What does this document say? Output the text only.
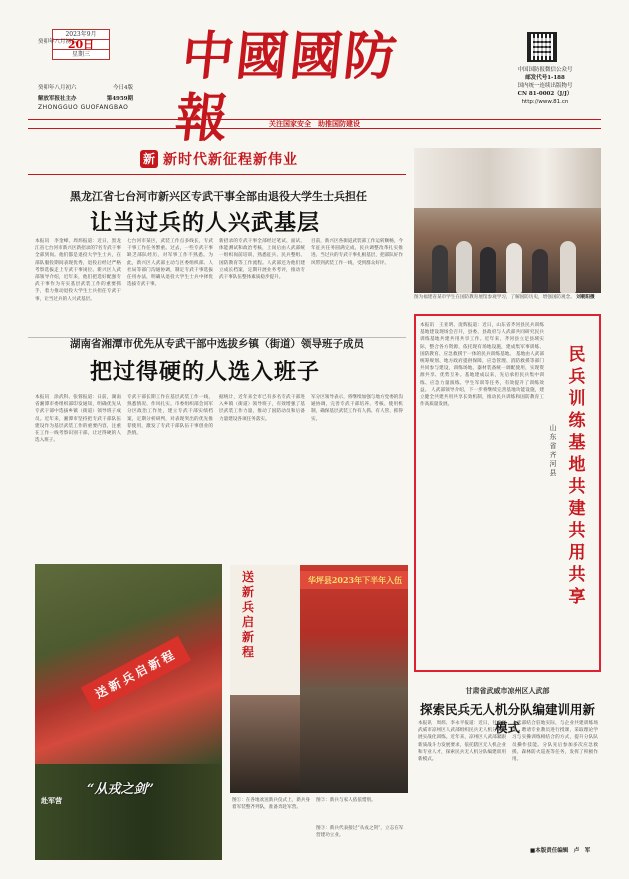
癸卯年八月初六
2023年9月
20日
星期三
癸卯年八月初六	今日4版
解放军报社主办	第4959期
ZHONGGUO GUOFANGBAO
中國國防報
中国国防报微信公众号
邮发代号1-188
国内统一连续出版物号
CN 81-0002（J/J）
http://www.81.cn
关注国家安全　助推国防建设
新 新时代新征程新伟业
黑龙江省七台河市新兴区专武干事全部由退役大学生士兵担任
让当过兵的人兴武基层
本报讯　李金峰、周炜报道：近日，黑龙江省七台河市新兴区新招录的7名专武干事全部到岗。他们都是退役大学生士兵，在部队服役期间表现优秀，退役后经过严格考察选拔走上专武干事岗位。新兴区人武部领导介绍，近年来，他们把选好配强专武干事作为夯实基层武装工作的重要抓手，着力推动退役大学生士兵担任专武干事，让当过兵的人兴武基层。
七台河市某区，武装工作点多线长，专武干事工作任务繁重。过去，一些专武干事缺乏部队经历，对军事工作不熟悉。为此，新兴区人武部主动与区委组织部、人社局等部门沟通协调，制定专武干事选拔任用办法，明确从退役大学生士兵中择优选拔专武干事。
新招录的专武干事全部经过笔试、面试、体能测试和政治考核，上岗后由人武部统一组织岗前培训，熟悉征兵、民兵整组、国防教育等工作流程。人武部还为他们建立成长档案，定期开展业务考评，推动专武干事队伍整体素质稳步提升。
目前，新兴区各街道武装部工作运转顺畅，今年征兵任务圆满完成，民兵调整改革扎实推进。当过兵的专武干事扎根基层，把部队好作风带到武装工作一线，受到群众好评。
湖南省湘潭市优先从专武干部中选拔乡镇（街道）领导班子成员
把过得硬的人选入班子
本报讯　涂武科、张蓉报道：日前，湖南省湘潭市委组织部印发通知，明确优先从专武干部中选拔乡镇（街道）领导班子成员。近年来，湘潭市坚持把专武干部队伍建设作为基层武装工作的重要内容，注重在工作一线考察识别干部，让过得硬的人选入班子。
专武干部长期工作在基层武装工作一线，熟悉情况、作风扎实。市委组织部会同军分区政治工作处，建立专武干部实绩档案，定期分析研判，对表现突出的优先推荐使用，激发了专武干部队伍干事创业的热情。
据统计，近年来全市已有多名专武干部进入乡镇（街道）领导班子，有效增强了基层武装工作力量，推动了国防动员和后备力量建设各项任务落实。
军分区领导表示，将继续加强与地方党委的沟通协调，完善专武干部培养、考核、使用机制，确保基层武装工作有人抓、有人管、抓得实。
图为福建省某市学生在国防教育展馆参观学习，了解国防历史，增强国防观念。 刘朝阳摄
本报讯　王亚明、庞辉报道：近日，山东省齐河县民兵训练基地建设现场会召开，县委、县政府与人武部共同研究民兵训练基地共建共用共享工作。近年来，齐河县立足县域实际，整合各方资源，依托现有场地设施，建成集军事训练、国防教育、应急救援于一体的民兵训练基地。 基地由人武部统筹规划、地方政府提供保障，应急管理、消防救援等部门共同参与建设，训练场地、器材装备统一调配使用，实现资源共享、优势互补。基地建成以来，先后承担民兵集中训练、应急力量演练、学生军训等任务，有效提升了训练效益。 人武部领导介绍，下一步将继续完善基地功能设施，建立健全共建共用共享长效机制，推动民兵训练和国防教育工作高质量发展。
民兵训练基地共建共用共享
山东省齐河县
送新兵启新程
赴军营
“从戎之剑”
送新兵启新程
华坪县2023年下半年入伍
图①：在各地欢送新兵仪式上，新兵身着军装整齐列队，准备奔赴军营。
图②：新兵与家人依依惜别。
图③：新兵代表接过“从戎之剑”，立志在军营建功立业。
甘肃省武威市凉州区人武部
探索民兵无人机分队编建训用新模式
本报讯　周炜、李永平报道：近日，甘肃省武威市凉州区人武部组织民兵无人机分队开展实战化训练。近年来，凉州区人武部紧跟新质战斗力发展要求，依托辖区无人机企业和专业人才，探索民兵无人机分队编建训用新模式。
人武部结合驻地实际，与企业共建训练场地，聘请专业教员进行授课，采取理论学习与实操训练相结合的方式，提升分队队员操作技能。分队先后参加多次应急救援、森林防火巡查等任务，发挥了积极作用。
■本版责任编辑　卢　军
